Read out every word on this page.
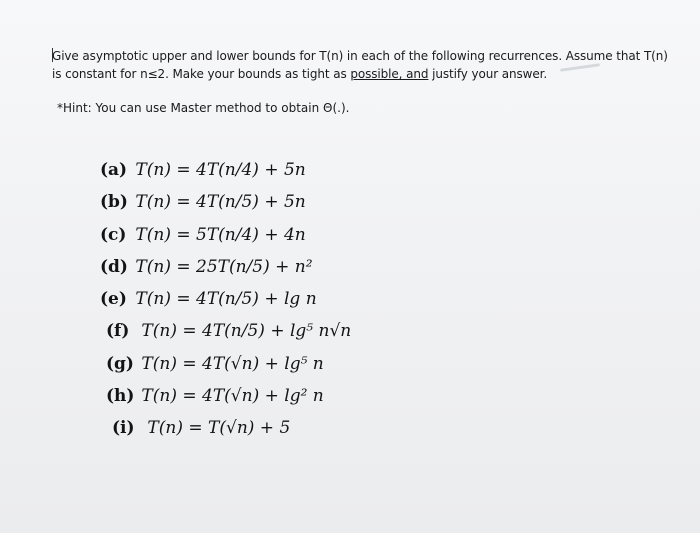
Give asymptotic upper and lower bounds for T(n) in each of the following recurrences. Assume that T(n)

is constant for n≤2. Make your bounds as tight as possible, and justify your answer.

*Hint: You can use Master method to obtain Θ(.).
(a) T(n) = 4T(n/4) + 5n
(b) T(n) = 4T(n/5) + 5n
(c) T(n) = 5T(n/4) + 4n
(d) T(n) = 25T(n/5) + n²
(e) T(n) = 4T(n/5) + lg n
(f) T(n) = 4T(n/5) + lg⁵ n√n
(g) T(n) = 4T(√n) + lg⁵ n
(h) T(n) = 4T(√n) + lg² n
(i) T(n) = T(√n) + 5
